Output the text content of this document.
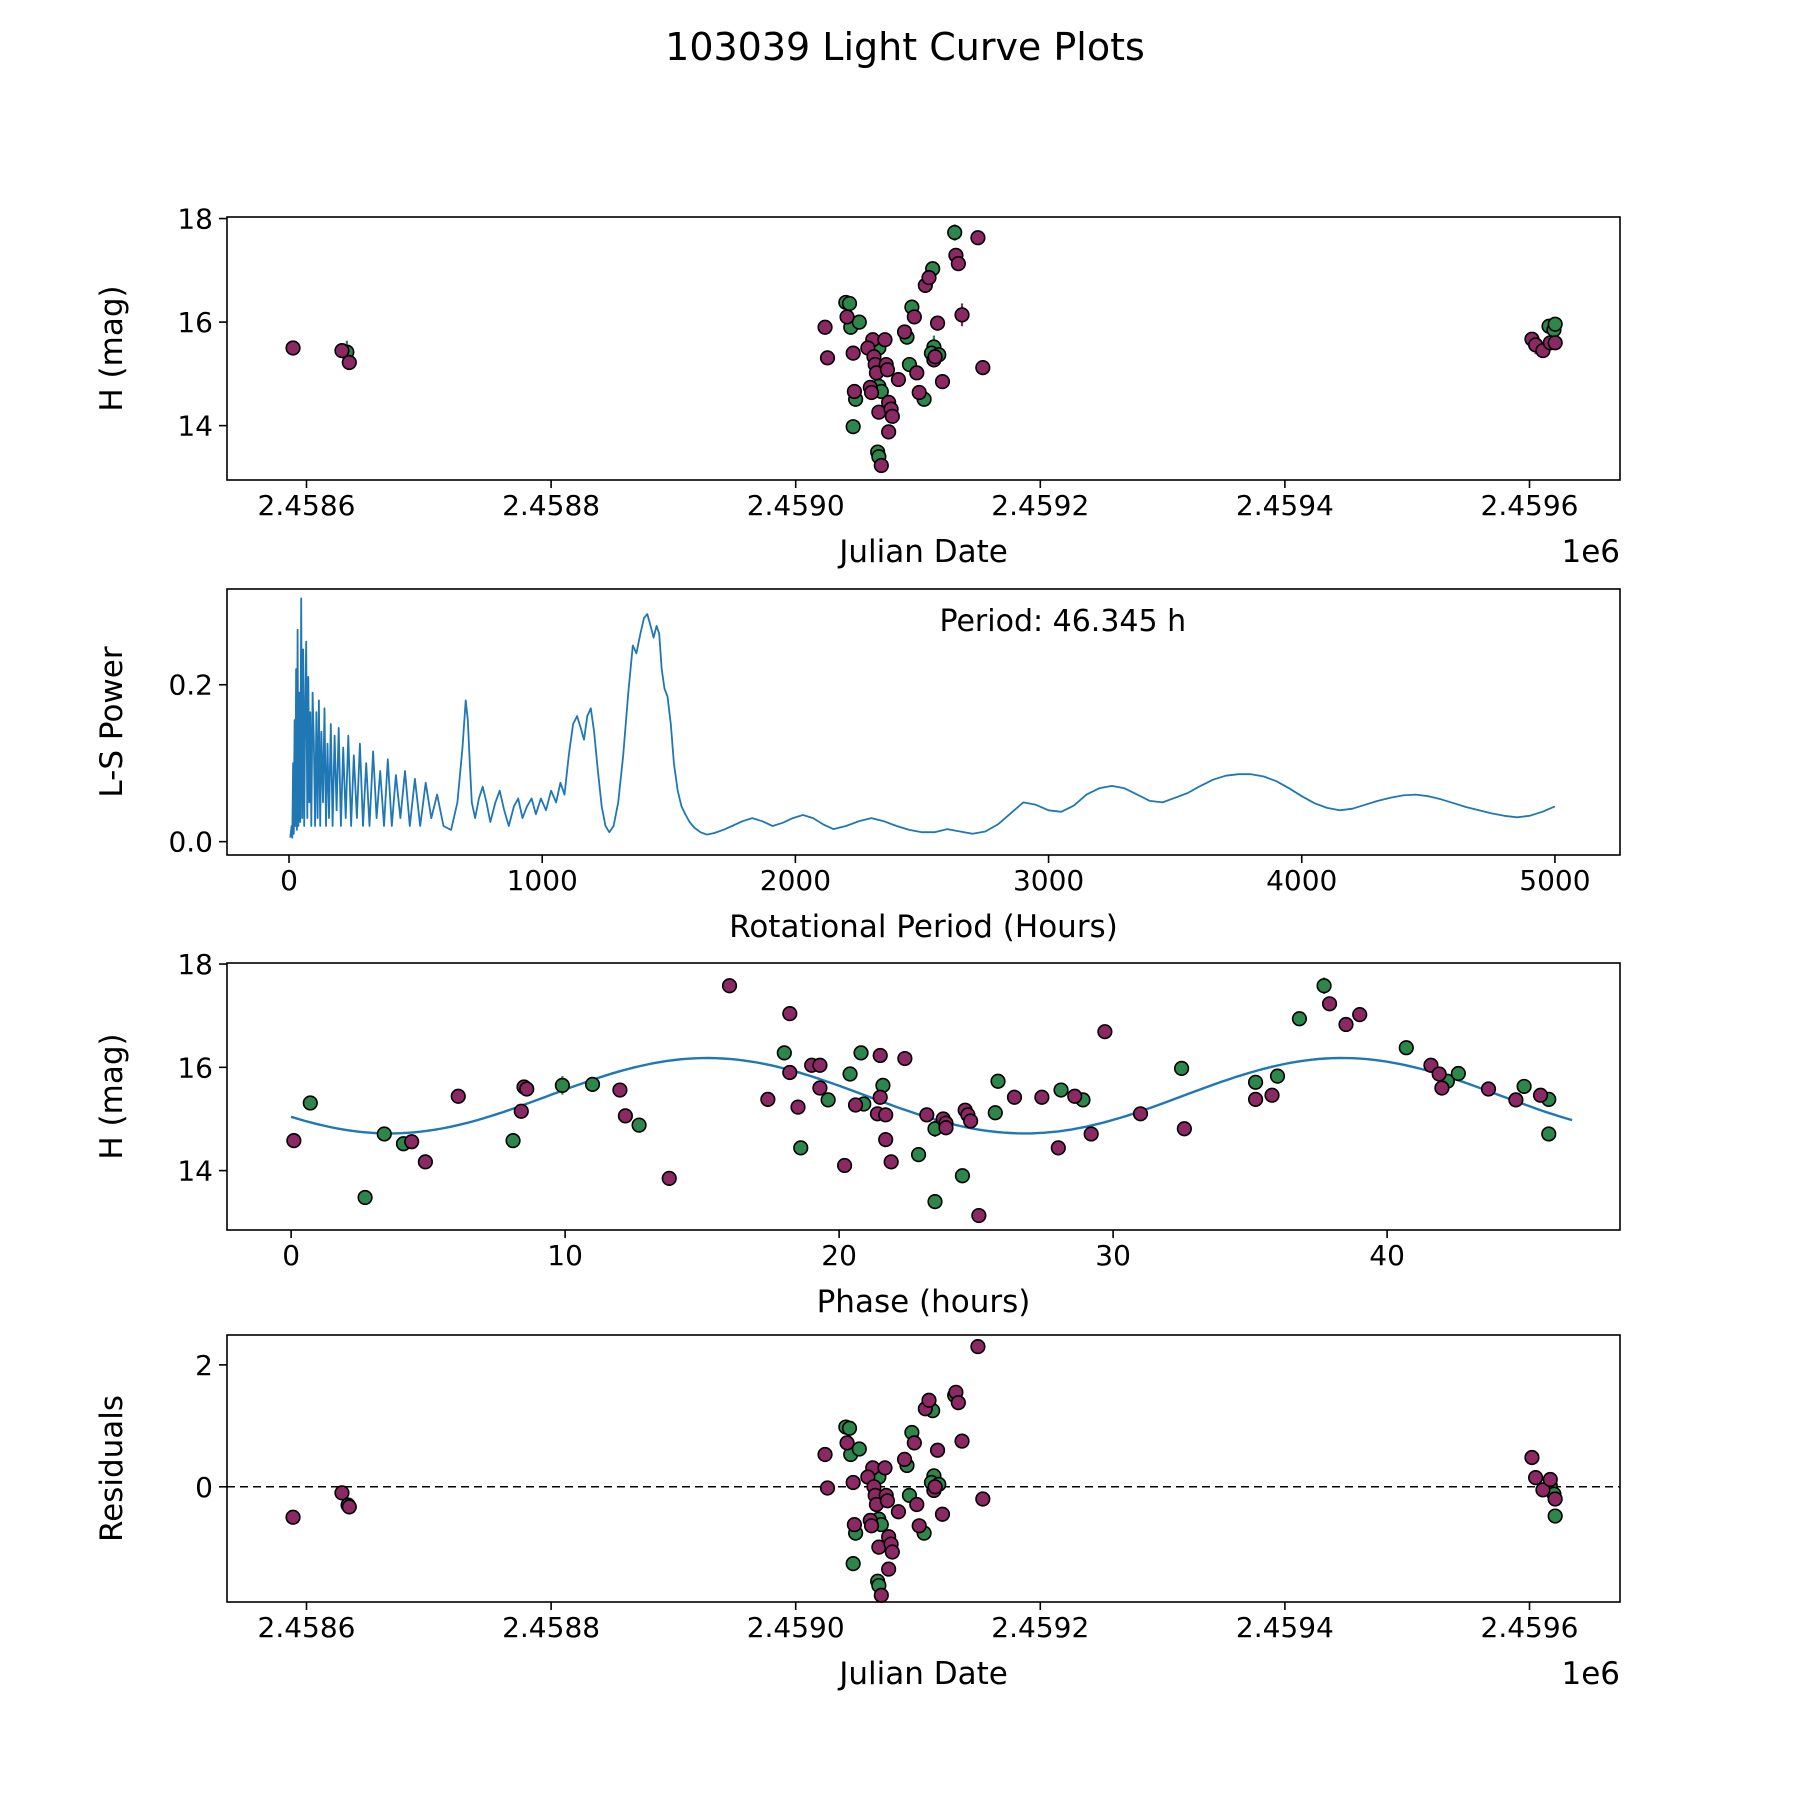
103039 Light Curve Plots
2.4586	2.4588	2.4590	2.4592	2.4594	2.4596
14
16
18
Julian Date
H (mag)
1e6
0	1000	2000	3000	4000	5000
0.0
0.2
Rotational Period (Hours)
L-S Power
Period: 46.345 h
0	10	20	30	40
14
16
18
Phase (hours)
H (mag)
2.4586	2.4588	2.4590	2.4592	2.4594	2.4596
0
2
Julian Date
Residuals
1e6
